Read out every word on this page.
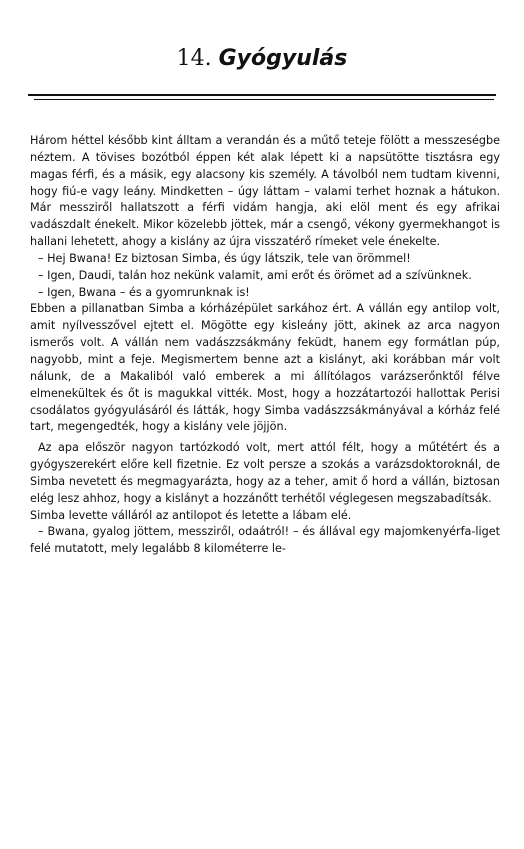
14. Gyógyulás

Három héttel később kint álltam a verandán és a műtő teteje fölött a messzeségbe néztem. A tövises bozótból éppen két alak lépett ki a napsütötte tisztásra egy magas férfi, és a másik, egy alacsony kis személy. A távolból nem tudtam kivenni, hogy fiú-e vagy leány. Mindketten – úgy láttam – valami terhet hoznak a hátukon. Már messziről hallatszott a férfi vidám hangja, aki elöl ment és egy afrikai vadászdalt énekelt. Mikor közelebb jöttek, már a csengő, vékony gyermekhangot is hallani lehetett, ahogy a kislány az újra visszatérő rímeket vele énekelte.

– Hej Bwana! Ez biztosan Simba, és úgy látszik, tele van örömmel!

– Igen, Daudi, talán hoz nekünk valamit, ami erőt és örömet ad a szívünknek.

– Igen, Bwana – és a gyomrunknak is!

Ebben a pillanatban Simba a kórházépület sarkához ért. A vállán egy antilop volt, amit nyílvesszővel ejtett el. Mögötte egy kisleány jött, akinek az arca nagyon ismerős volt. A vállán nem vadászzsákmány feküdt, hanem egy formátlan púp, nagyobb, mint a feje. Megismertem benne azt a kislányt, aki korábban már volt nálunk, de a Makaliból való emberek a mi állítólagos varázserőnktől félve elmenekültek és őt is magukkal vitték. Most, hogy a hozzátartozói hallottak Perisi csodálatos gyógyulásáról és látták, hogy Simba vadászzsákmányával a kórház felé tart, megengedték, hogy a kislány vele jöjjön.

Az apa először nagyon tartózkodó volt, mert attól félt, hogy a műtétért és a gyógyszerekért előre kell fizetnie. Ez volt persze a szokás a varázsdoktoroknál, de Simba nevetett és megmagyarázta, hogy az a teher, amit ő hord a vállán, biztosan elég lesz ahhoz, hogy a kislányt a hozzánőtt terhétől véglegesen megszabadítsák.

Simba levette válláról az antilopot és letette a lábam elé.

– Bwana, gyalog jöttem, messziről, odaátról! – és állával egy majomkenyérfa-liget felé mutatott, mely legalább 8 kilométerre le-
